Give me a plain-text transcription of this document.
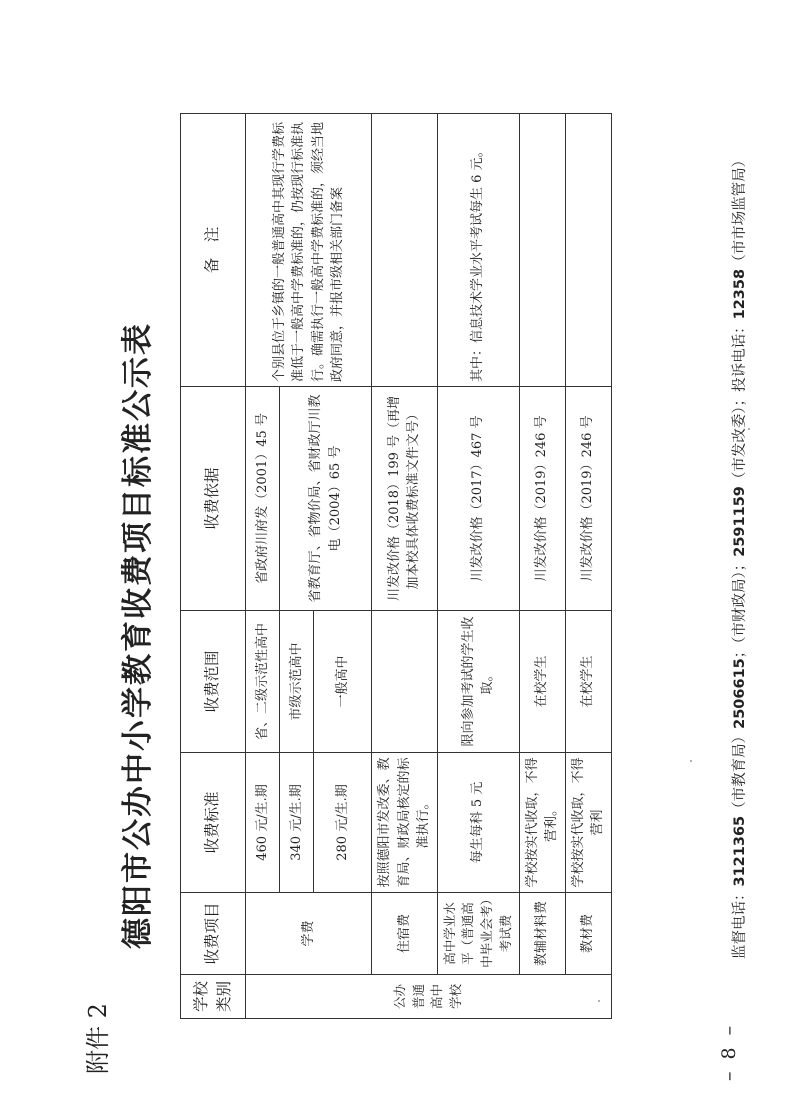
附件 2
德阳市公办中小学教育收费项目标准公示表
学校类别	收费项目	收费标准	收费范围	收费依据	备　注
公办普通高中学校	学费	460 元/生.期	省、二级示范性高中	省政府川府发（2001）45 号	个别县位于乡镇的一般普通高中其现行学费标准低于一般高中学费标准的，仍按现行标准执行。确需执行一般高中学费标准的，须经当地政府同意，并报市级相关部门备案
		340 元/生.期	市级示范高中	省教育厅、省物价局、省财政厅川教电（2004）65 号	
		280 元/生.期	一般高中		
	住宿费	按照德阳市发改委、教育局、财政局核定的标准执行。		川发改价格（2018）199 号（再增加本校具体收费标准文件文号）	
	高中学业水平（普通高中毕业会考）考试费	每生每科 5 元	限向参加考试的学生收取。	川发改价格（2017）467 号	其中：信息技术学业水平考试每生 6 元。
	教辅材料费	学校按实代收取，不得营利。	在校学生	川发改价格（2019）246 号	
	教材费	学校按实代收取，不得营利	在校学生	川发改价格（2019）246 号	
– 8 –
监督电话：3121365（市教育局）2506615；（市财政局）；2591159（市发改委）；投诉电话：12358（市市场监管局）
